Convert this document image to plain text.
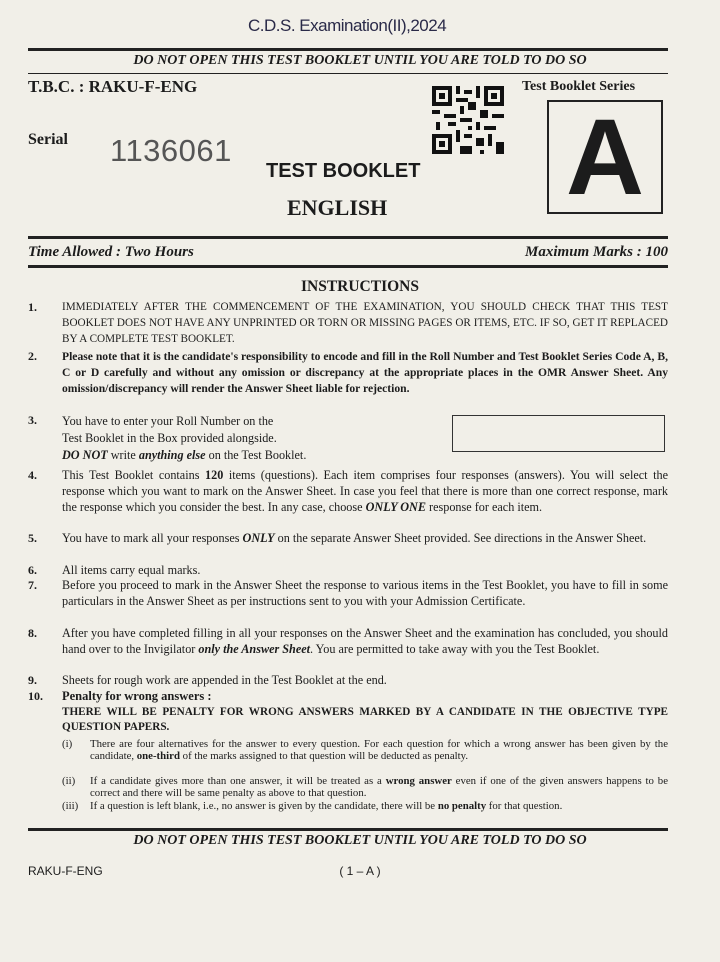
C.D.S. Examination(II),2024
DO NOT OPEN THIS TEST BOOKLET UNTIL YOU ARE TOLD TO DO SO
T.B.C. : RAKU-F-ENG	Test Booklet Series
Serial 1136061	A
TEST BOOKLET
ENGLISH
Time Allowed : Two Hours	Maximum Marks : 100
INSTRUCTIONS
1. IMMEDIATELY AFTER THE COMMENCEMENT OF THE EXAMINATION, YOU SHOULD CHECK THAT THIS TEST BOOKLET DOES NOT HAVE ANY UNPRINTED OR TORN OR MISSING PAGES OR ITEMS, ETC. IF SO, GET IT REPLACED BY A COMPLETE TEST BOOKLET.
2. Please note that it is the candidate's responsibility to encode and fill in the Roll Number and Test Booklet Series Code A, B, C or D carefully and without any omission or discrepancy at the appropriate places in the OMR Answer Sheet. Any omission/discrepancy will render the Answer Sheet liable for rejection.
3. You have to enter your Roll Number on the
Test Booklet in the Box provided alongside.
DO NOT write anything else on the Test Booklet.
4. This Test Booklet contains 120 items (questions). Each item comprises four responses (answers). You will select the response which you want to mark on the Answer Sheet. In case you feel that there is more than one correct response, mark the response which you consider the best. In any case, choose ONLY ONE response for each item.
5. You have to mark all your responses ONLY on the separate Answer Sheet provided. See directions in the Answer Sheet.
6. All items carry equal marks.
7. Before you proceed to mark in the Answer Sheet the response to various items in the Test Booklet, you have to fill in some particulars in the Answer Sheet as per instructions sent to you with your Admission Certificate.
8. After you have completed filling in all your responses on the Answer Sheet and the examination has concluded, you should hand over to the Invigilator only the Answer Sheet. You are permitted to take away with you the Test Booklet.
9. Sheets for rough work are appended in the Test Booklet at the end.
10. Penalty for wrong answers :
THERE WILL BE PENALTY FOR WRONG ANSWERS MARKED BY A CANDIDATE IN THE OBJECTIVE TYPE QUESTION PAPERS.
(i) There are four alternatives for the answer to every question. For each question for which a wrong answer has been given by the candidate, one-third of the marks assigned to that question will be deducted as penalty.
(ii) If a candidate gives more than one answer, it will be treated as a wrong answer even if one of the given answers happens to be correct and there will be same penalty as above to that question.
(iii) If a question is left blank, i.e., no answer is given by the candidate, there will be no penalty for that question.
DO NOT OPEN THIS TEST BOOKLET UNTIL YOU ARE TOLD TO DO SO
RAKU-F-ENG	( 1 – A )
